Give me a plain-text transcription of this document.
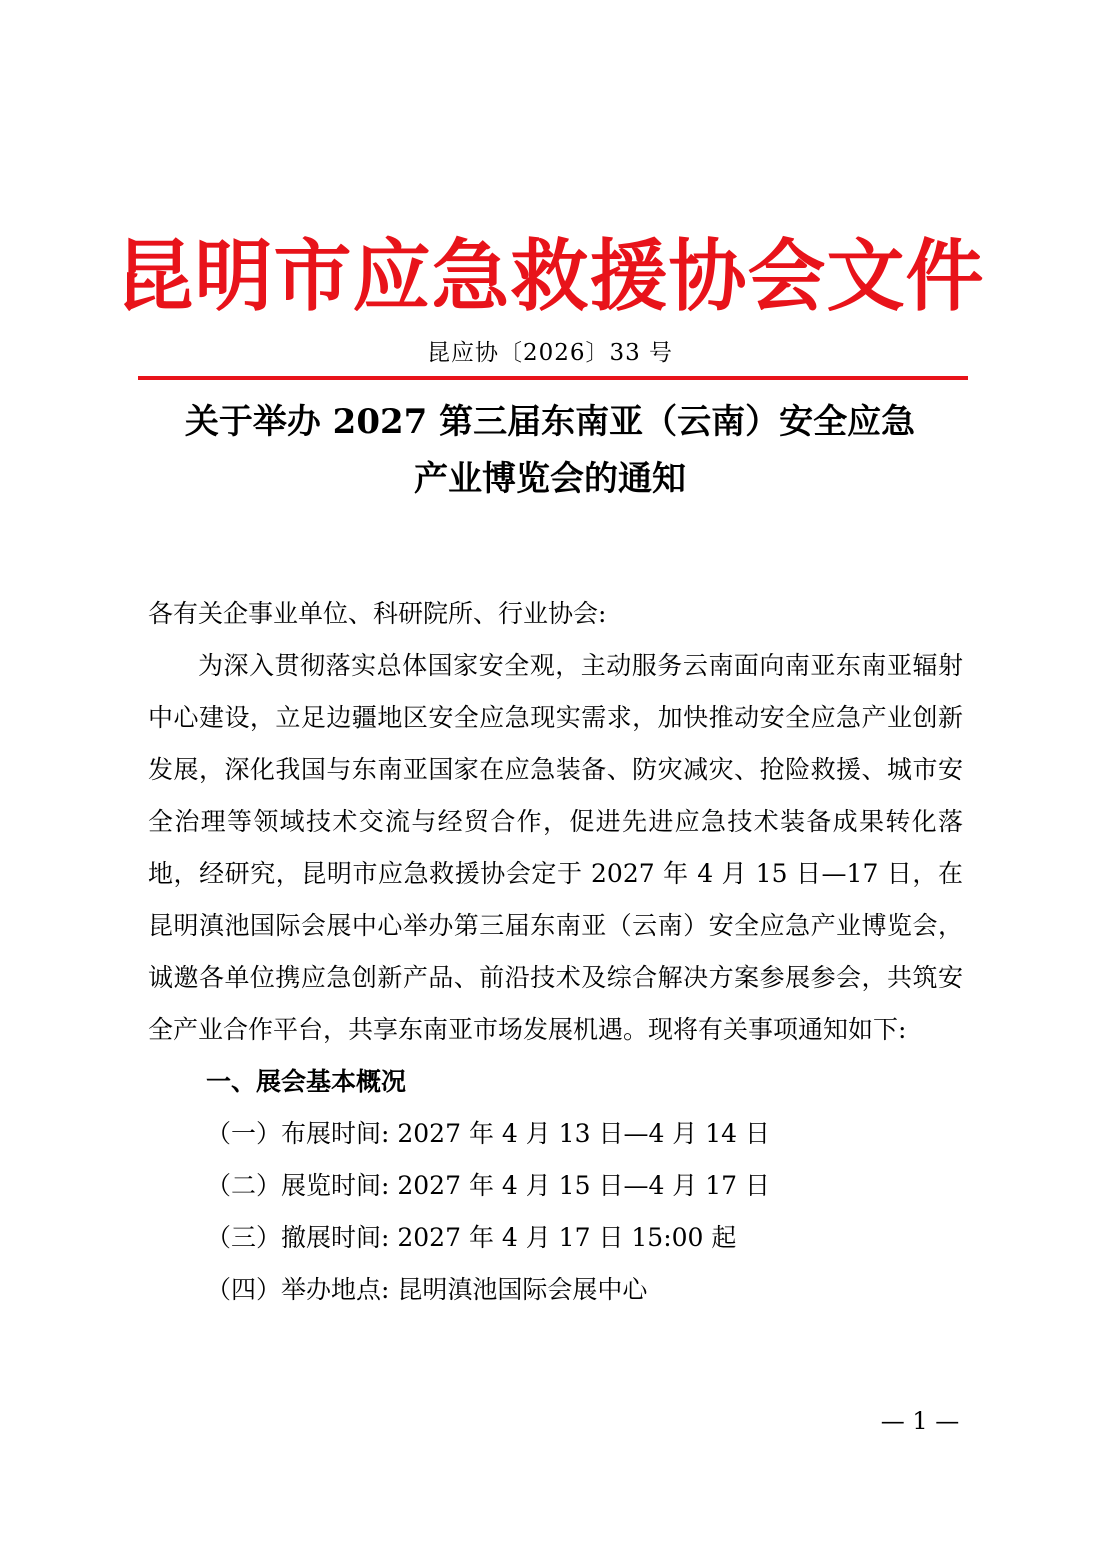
昆明市应急救援协会文件
昆应协〔2026〕33 号
关于举办 2027 第三届东南亚（云南）安全应急
产业博览会的通知
各有关企事业单位、科研院所、行业协会:
为深入贯彻落实总体国家安全观，主动服务云南面向南亚东南亚辐射中心建设，立足边疆地区安全应急现实需求，加快推动安全应急产业创新发展，深化我国与东南亚国家在应急装备、防灾减灾、抢险救援、城市安全治理等领域技术交流与经贸合作，促进先进应急技术装备成果转化落地，经研究，昆明市应急救援协会定于 2027 年 4 月 15 日—17 日，在昆明滇池国际会展中心举办第三届东南亚（云南）安全应急产业博览会，诚邀各单位携应急创新产品、前沿技术及综合解决方案参展参会，共筑安全产业合作平台，共享东南亚市场发展机遇。现将有关事项通知如下:
一、展会基本概况
（一）布展时间: 2027 年 4 月 13 日—4 月 14 日
（二）展览时间: 2027 年 4 月 15 日—4 月 17 日
（三）撤展时间: 2027 年 4 月 17 日 15:00 起
（四）举办地点: 昆明滇池国际会展中心
— 1 —
